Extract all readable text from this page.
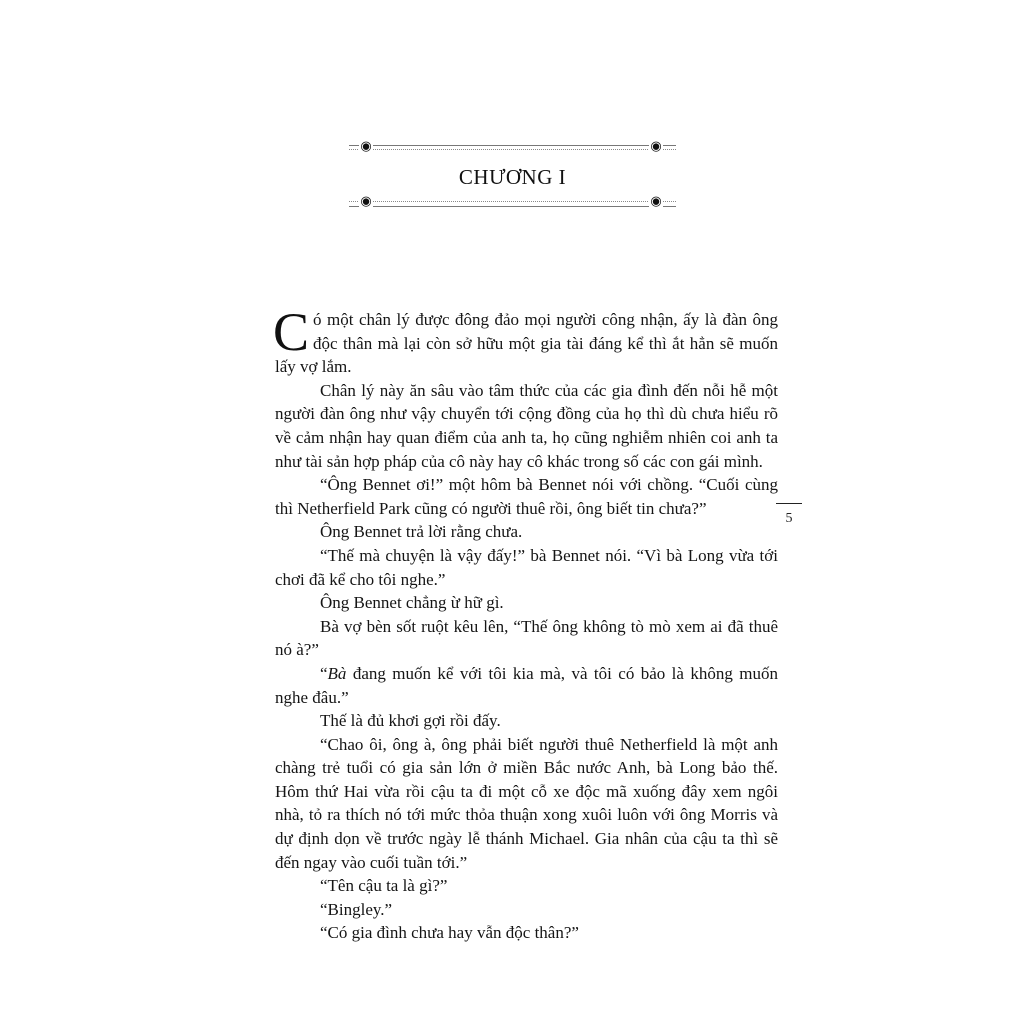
◉	◉
◉	◉
CHƯƠNG I

Có một chân lý được đông đảo mọi người công nhận, ấy là đàn ông độc thân mà lại còn sở hữu một gia tài đáng kể thì ắt hẳn sẽ muốn lấy vợ lắm.

Chân lý này ăn sâu vào tâm thức của các gia đình đến nỗi hễ một người đàn ông như vậy chuyển tới cộng đồng của họ thì dù chưa hiểu rõ về cảm nhận hay quan điểm của anh ta, họ cũng nghiễm nhiên coi anh ta như tài sản hợp pháp của cô này hay cô khác trong số các con gái mình.

“Ông Bennet ơi!” một hôm bà Bennet nói với chồng. “Cuối cùng thì Netherfield Park cũng có người thuê rồi, ông biết tin chưa?”

Ông Bennet trả lời rằng chưa.

“Thế mà chuyện là vậy đấy!” bà Bennet nói. “Vì bà Long vừa tới chơi đã kể cho tôi nghe.”

Ông Bennet chẳng ừ hữ gì.

Bà vợ bèn sốt ruột kêu lên, “Thế ông không tò mò xem ai đã thuê nó à?”

“Bà đang muốn kể với tôi kia mà, và tôi có bảo là không muốn nghe đâu.”

Thế là đủ khơi gợi rồi đấy.

“Chao ôi, ông à, ông phải biết người thuê Netherfield là một anh chàng trẻ tuổi có gia sản lớn ở miền Bắc nước Anh, bà Long bảo thế. Hôm thứ Hai vừa rồi cậu ta đi một cỗ xe độc mã xuống đây xem ngôi nhà, tỏ ra thích nó tới mức thỏa thuận xong xuôi luôn với ông Morris và dự định dọn về trước ngày lễ thánh Michael. Gia nhân của cậu ta thì sẽ đến ngay vào cuối tuần tới.”

“Tên cậu ta là gì?”

“Bingley.”

“Có gia đình chưa hay vẫn độc thân?”

5
